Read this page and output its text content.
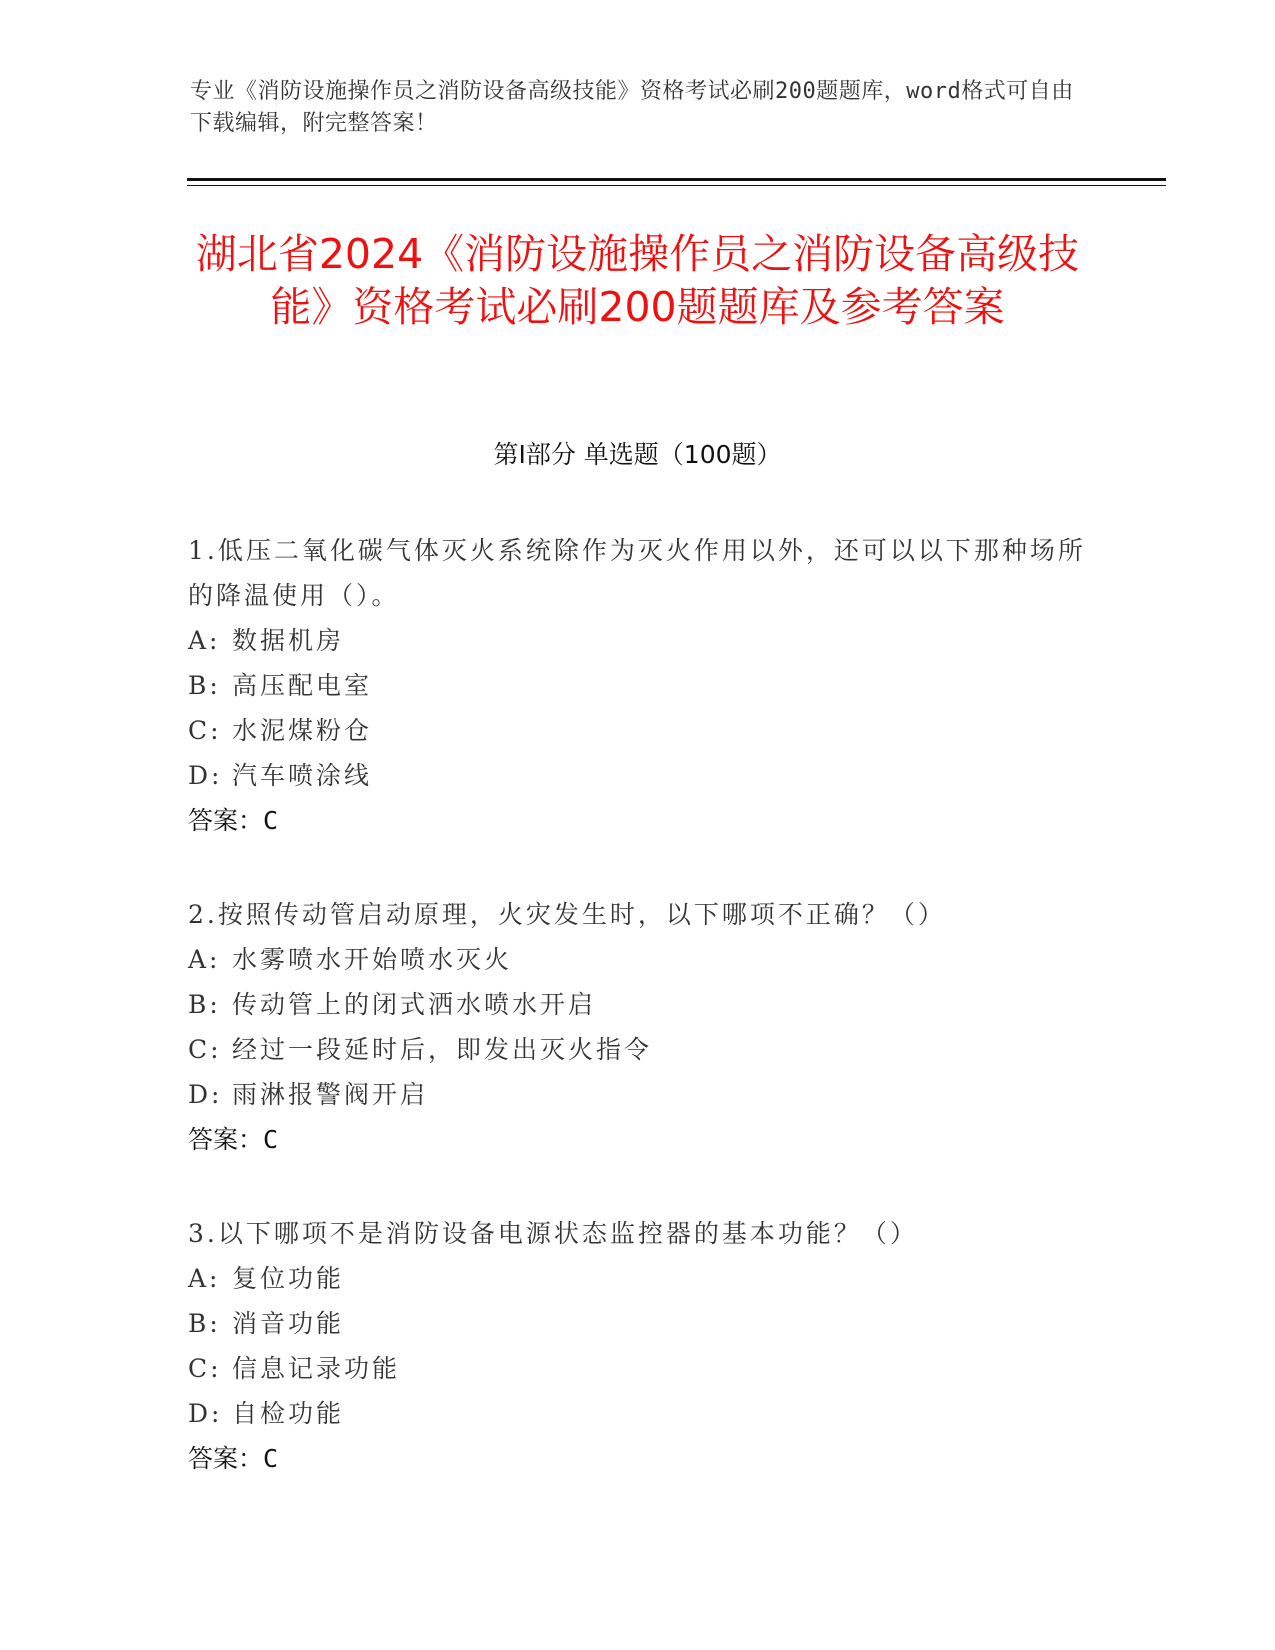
专业《消防设施操作员之消防设备高级技能》资格考试必刷200题题库，word格式可自由下载编辑，附完整答案！
湖北省2024《消防设施操作员之消防设备高级技能》资格考试必刷200题题库及参考答案
第Ⅰ部分 单选题（100题）

1.低压二氧化碳气体灭火系统除作为灭火作用以外，还可以以下那种场所的降温使用（）。

A: 数据机房
B: 高压配电室
C: 水泥煤粉仓
D: 汽车喷涂线
答案：C

2.按照传动管启动原理，火灾发生时，以下哪项不正确？（）

A: 水雾喷水开始喷水灭火
B: 传动管上的闭式洒水喷水开启
C: 经过一段延时后，即发出灭火指令
D: 雨淋报警阀开启
答案：C

3.以下哪项不是消防设备电源状态监控器的基本功能？（）

A: 复位功能
B: 消音功能
C: 信息记录功能
D: 自检功能
答案：C
